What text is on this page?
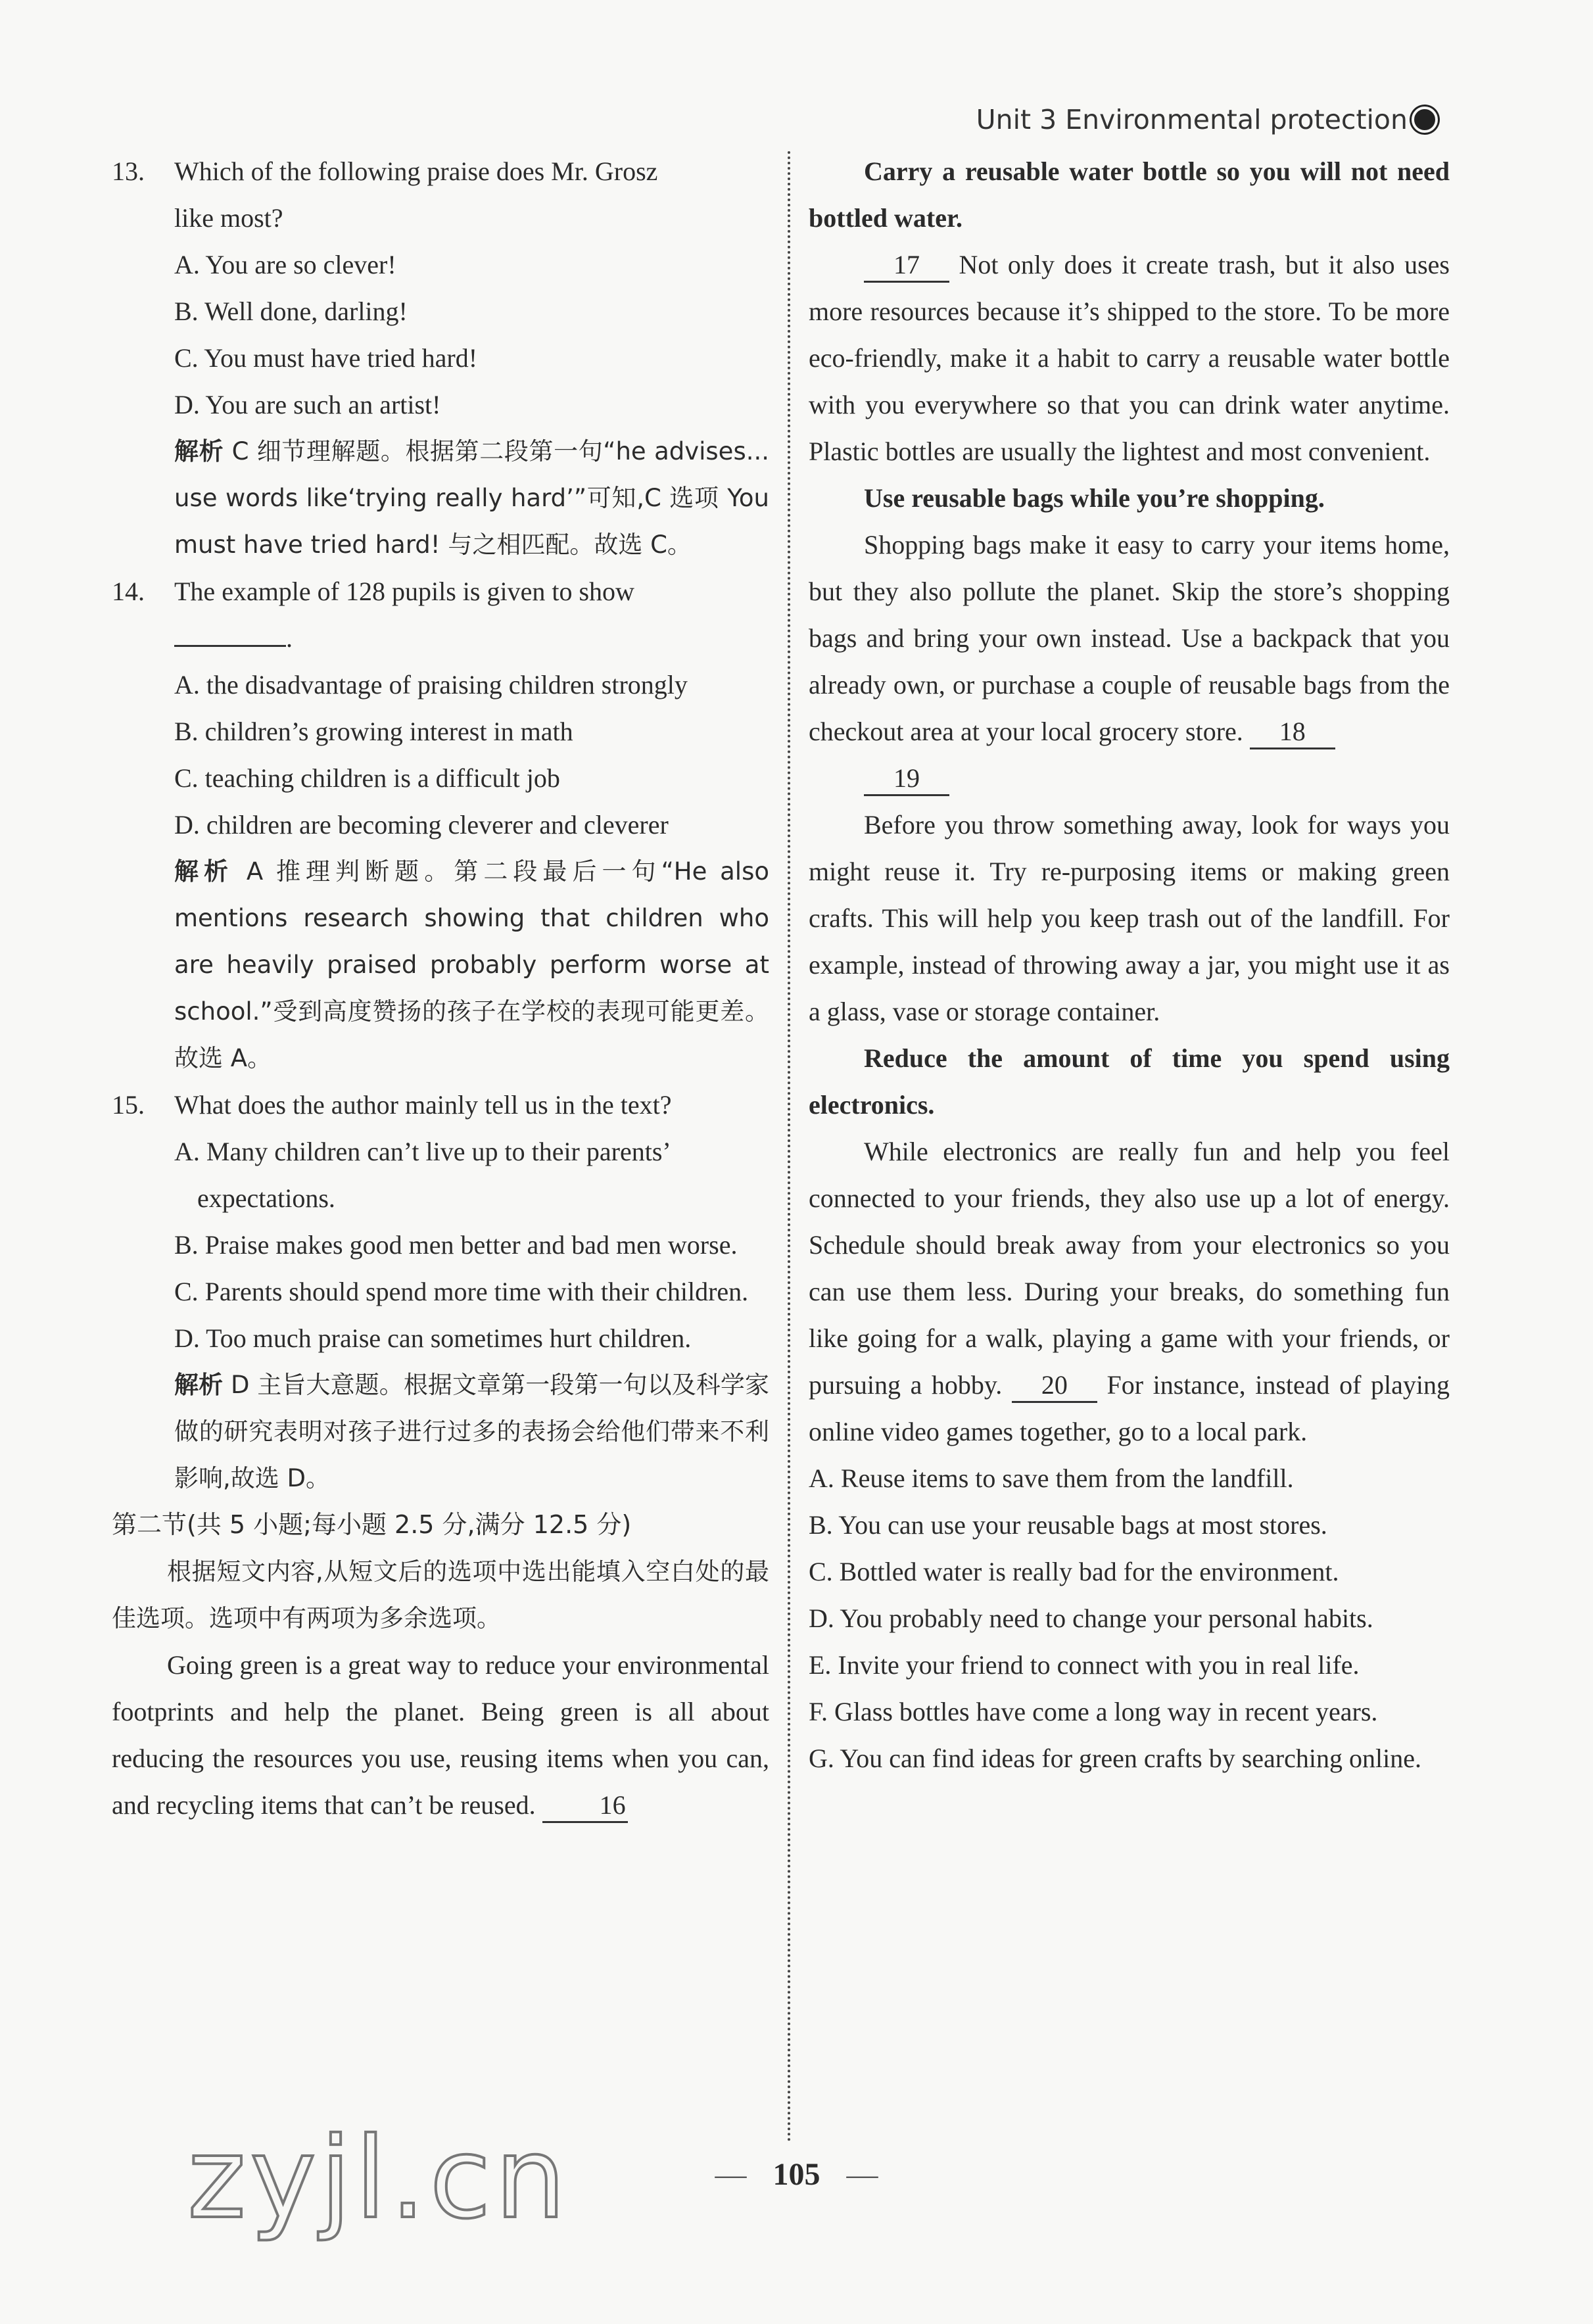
Unit 3 Environmental protection
13.	Which of the following praise does Mr. Grosz
like most?
A. You are so clever!
B. Well done, darling!
C. You must have tried hard!
D. You are such an artist!
解析 C 细节理解题。根据第二段第一句“he advises... use words like‘trying really hard’”可知,C 选项 You must have tried hard! 与之相匹配。故选 C。
14.	The example of 128 pupils is given to show
.
A. the disadvantage of praising children strongly
B. children’s growing interest in math
C. teaching children is a difficult job
D. children are becoming cleverer and cleverer
解析 A 推理判断题。第二段最后一句“He also mentions research showing that children who are heavily praised probably perform worse at school.”受到高度赞扬的孩子在学校的表现可能更差。故选 A。
15.	What does the author mainly tell us in the text?
A. Many children can’t live up to their parents’ expectations.
B. Praise makes good men better and bad men worse.
C. Parents should spend more time with their children.
D. Too much praise can sometimes hurt children.
解析 D 主旨大意题。根据文章第一段第一句以及科学家做的研究表明对孩子进行过多的表扬会给他们带来不利影响,故选 D。
第二节(共 5 小题;每小题 2.5 分,满分 12.5 分)
根据短文内容,从短文后的选项中选出能填入空白处的最佳选项。选项中有两项为多余选项。
Going green is a great way to reduce your environmental footprints and help the planet. Being green is all about reducing the resources you use, reusing items when you can, and recycling items that can’t be reused. 16
Carry a reusable water bottle so you will not need bottled water.
17 Not only does it create trash, but it also uses more resources because it’s shipped to the store. To be more eco-friendly, make it a habit to carry a reusable water bottle with you everywhere so that you can drink water anytime. Plastic bottles are usually the lightest and most convenient.
Use reusable bags while you’re shopping.
Shopping bags make it easy to carry your items home, but they also pollute the planet. Skip the store’s shopping bags and bring your own instead. Use a backpack that you already own, or purchase a couple of reusable bags from the checkout area at your local grocery store. 18
19
Before you throw something away, look for ways you might reuse it. Try re-purposing items or making green crafts. This will help you keep trash out of the landfill. For example, instead of throwing away a jar, you might use it as a glass, vase or storage container.
Reduce the amount of time you spend using electronics.
While electronics are really fun and help you feel connected to your friends, they also use up a lot of energy. Schedule should break away from your electronics so you can use them less. During your breaks, do something fun like going for a walk, playing a game with your friends, or pursuing a hobby. 20 For instance, instead of playing online video games together, go to a local park.
A. Reuse items to save them from the landfill.
B. You can use your reusable bags at most stores.
C. Bottled water is really bad for the environment.
D. You probably need to change your personal habits.
E. Invite your friend to connect with you in real life.
F. Glass bottles have come a long way in recent years.
G. You can find ideas for green crafts by searching online.
zyjl.cn	— 105 —
